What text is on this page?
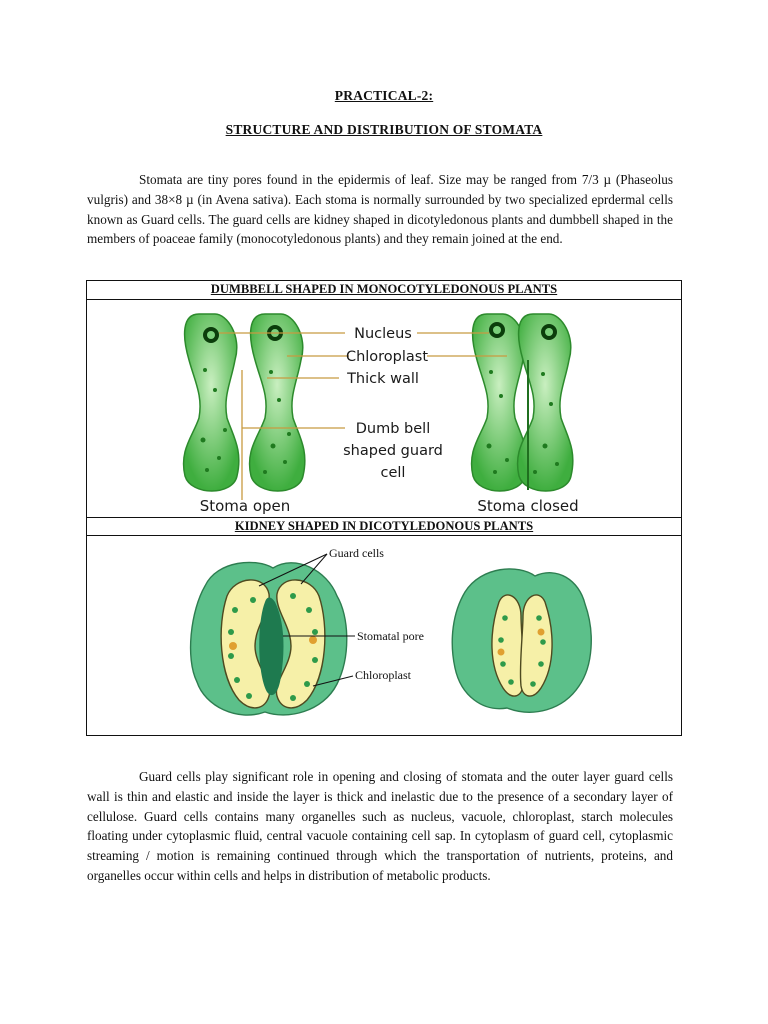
PRACTICAL-2:
STRUCTURE AND DISTRIBUTION OF STOMATA

Stomata are tiny pores found in the epidermis of leaf. Size may be ranged from 7/3 µ (Phaseolus vulgris) and 38×8 µ (in Avena sativa). Each stoma is normally surrounded by two specialized eprdermal cells known as Guard cells. The guard cells are kidney shaped in dicotyledonous plants and dumbbell shaped in the members of poaceae family (monocotyledonous plants) and they remain joined at the end.

DUMBBELL SHAPED IN MONOCOTYLEDONOUS PLANTS
Nucleus
Chloroplast
Thick wall
Dumb bell
shaped guard
cell
Stoma open	Stoma closed
KIDNEY SHAPED IN DICOTYLEDONOUS PLANTS
Guard cells
Stomatal pore
Chloroplast

Guard cells play significant role in opening and closing of stomata and the outer layer guard cells wall is thin and elastic and inside the layer is thick and inelastic due to the presence of a secondary layer of cellulose. Guard cells contains many organelles such as nucleus, vacuole, chloroplast, starch molecules floating under cytoplasmic fluid, central vacuole containing cell sap. In cytoplasm of guard cell, cytoplasmic streaming / motion is remaining continued through which the transportation of nutrients, proteins, and organelles occur within cells and helps in distribution of metabolic products.
